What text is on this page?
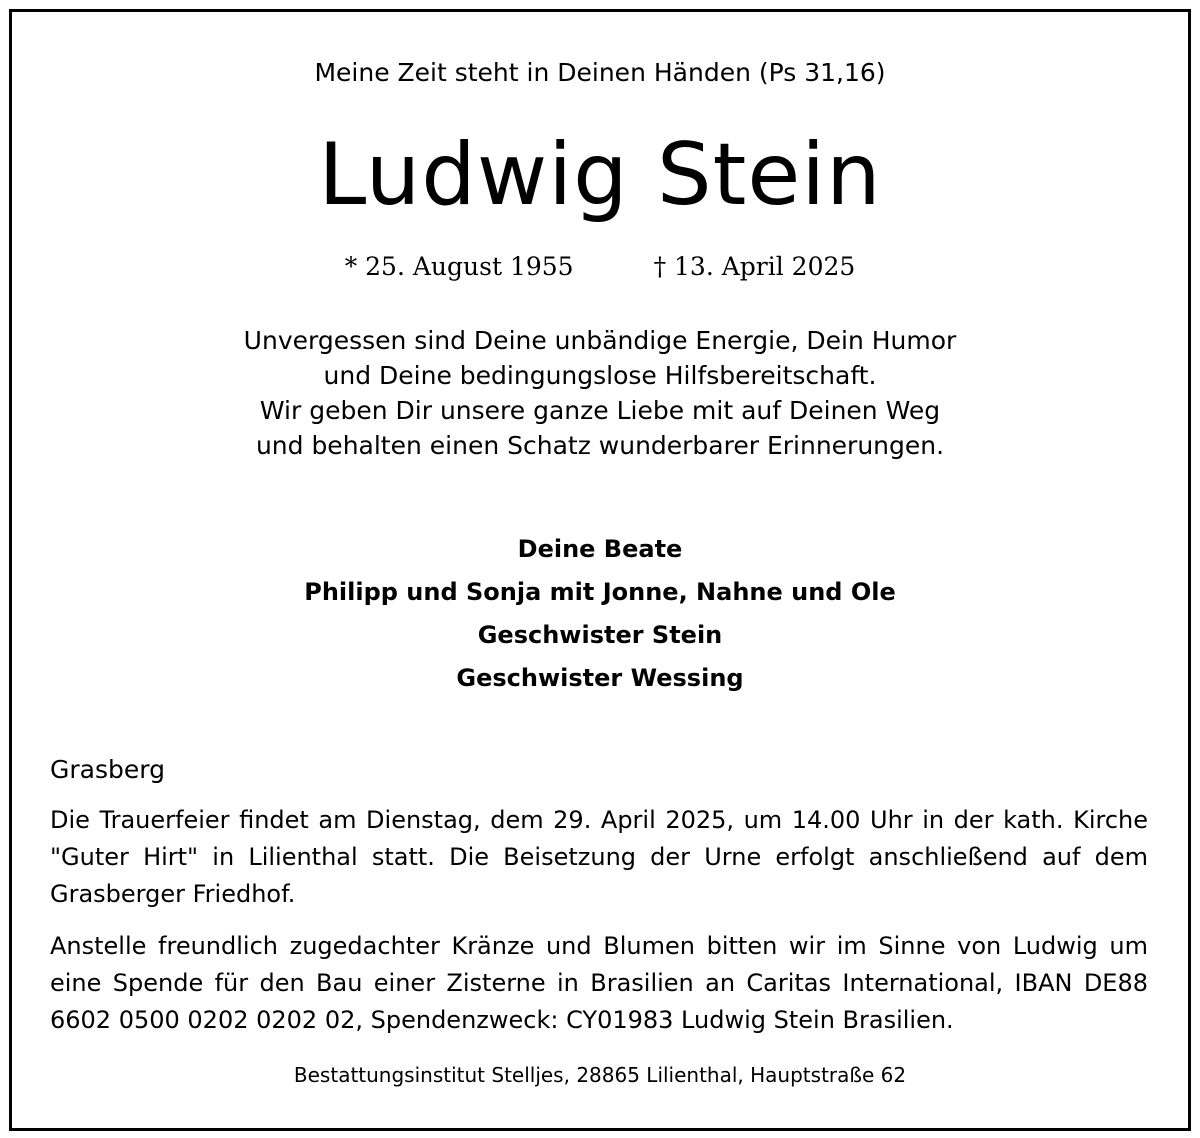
Meine Zeit steht in Deinen Händen (Ps 31,16)
Ludwig Stein
* 25. August 1955	† 13. April 2025
Unvergessen sind Deine unbändige Energie, Dein Humor
und Deine bedingungslose Hilfsbereitschaft.
Wir geben Dir unsere ganze Liebe mit auf Deinen Weg
und behalten einen Schatz wunderbarer Erinnerungen.
Deine Beate
Philipp und Sonja mit Jonne, Nahne und Ole
Geschwister Stein
Geschwister Wessing
Grasberg
Die Trauerfeier findet am Dienstag, dem 29. April 2025, um 14.00 Uhr in der kath. Kirche "Guter Hirt" in Lilienthal statt. Die Beisetzung der Urne erfolgt anschließend auf dem Grasberger Friedhof.
Anstelle freundlich zugedachter Kränze und Blumen bitten wir im Sinne von Ludwig um eine Spende für den Bau einer Zisterne in Brasilien an Caritas International, IBAN DE88 6602 0500 0202 0202 02, Spendenzweck: CY01983 Ludwig Stein Brasilien.
Bestattungsinstitut Stelljes, 28865 Lilienthal, Hauptstraße 62
